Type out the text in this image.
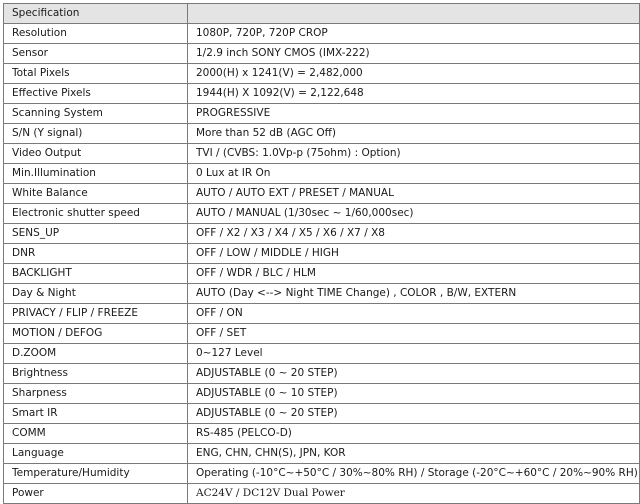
Specification	
Resolution	1080P, 720P, 720P CROP
Sensor	1/2.9 inch SONY CMOS (IMX-222)
Total Pixels	2000(H) x 1241(V) = 2,482,000
Effective Pixels	1944(H) X 1092(V) = 2,122,648
Scanning System	PROGRESSIVE
S/N (Y signal)	More than 52 dB (AGC Off)
Video Output	TVI / (CVBS: 1.0Vp-p (75ohm) : Option)
Min.Illumination	0 Lux at IR On
White Balance	AUTO / AUTO EXT / PRESET / MANUAL
Electronic shutter speed	AUTO / MANUAL (1/30sec ~ 1/60,000sec)
SENS_UP	OFF / X2 / X3 / X4 / X5 / X6 / X7 / X8
DNR	OFF / LOW / MIDDLE / HIGH
BACKLIGHT	OFF / WDR / BLC / HLM
Day & Night	AUTO (Day <--> Night TIME Change) , COLOR , B/W, EXTERN
PRIVACY / FLIP / FREEZE	OFF / ON
MOTION / DEFOG	OFF / SET
D.ZOOM	0~127 Level
Brightness	ADJUSTABLE (0 ~ 20 STEP)
Sharpness	ADJUSTABLE (0 ~ 10 STEP)
Smart IR	ADJUSTABLE (0 ~ 20 STEP)
COMM	RS-485 (PELCO-D)
Language	ENG, CHN, CHN(S), JPN, KOR
Temperature/Humidity	Operating (-10°C~+50°C / 30%~80% RH) / Storage (-20°C~+60°C / 20%~90% RH)
Power	AC24V / DC12V Dual Power
